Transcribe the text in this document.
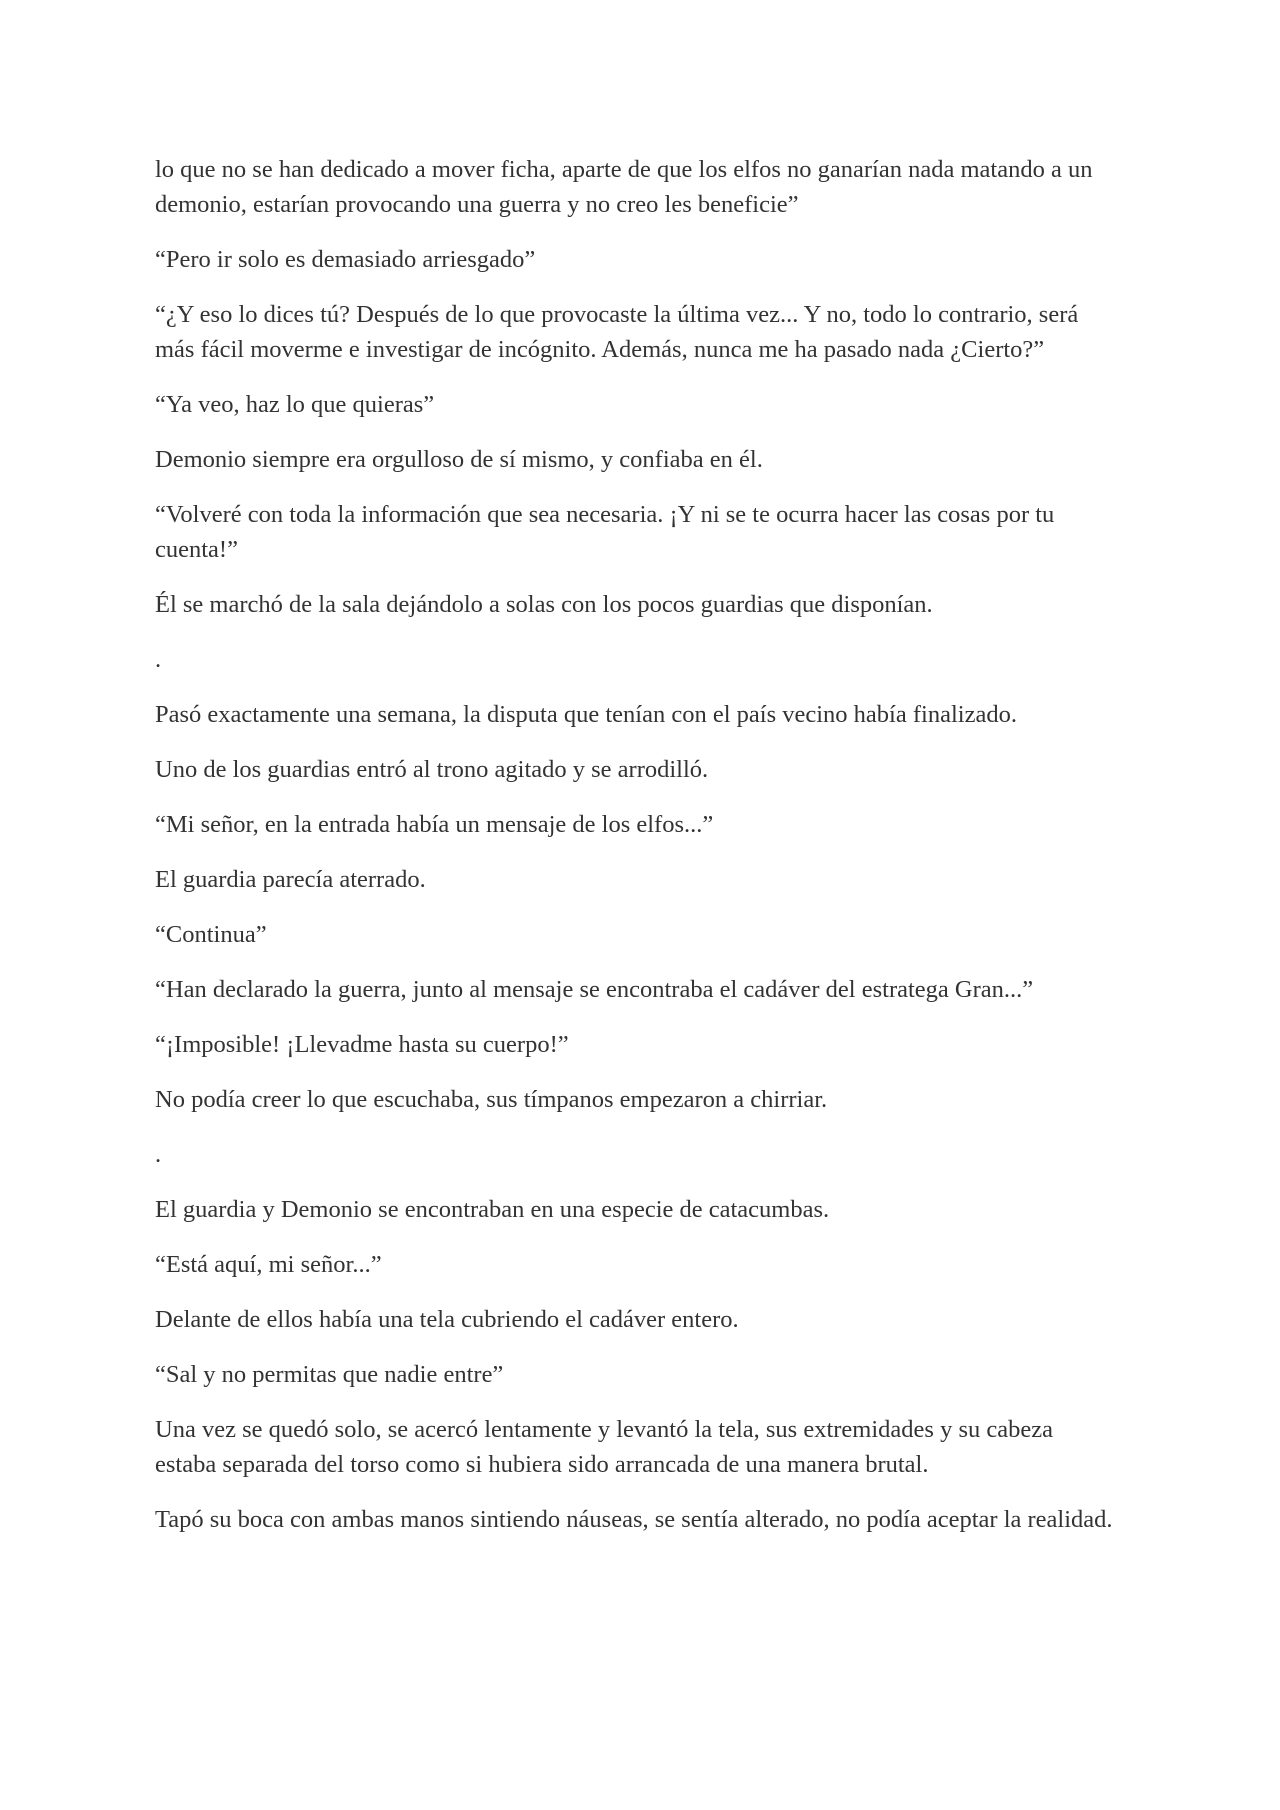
lo que no se han dedicado a mover ficha, aparte de que los elfos no ganarían nada matando a un demonio, estarían provocando una guerra y no creo les beneficie”

“Pero ir solo es demasiado arriesgado”

“¿Y eso lo dices tú? Después de lo que provocaste la última vez... Y no, todo lo contrario, será más fácil moverme e investigar de incógnito. Además, nunca me ha pasado nada ¿Cierto?”

“Ya veo, haz lo que quieras”

Demonio siempre era orgulloso de sí mismo, y confiaba en él.

“Volveré con toda la información que sea necesaria. ¡Y ni se te ocurra hacer las cosas por tu cuenta!”

Él se marchó de la sala dejándolo a solas con los pocos guardias que disponían.

.

Pasó exactamente una semana, la disputa que tenían con el país vecino había finalizado.

Uno de los guardias entró al trono agitado y se arrodilló.

“Mi señor, en la entrada había un mensaje de los elfos...”

El guardia parecía aterrado.

“Continua”

“Han declarado la guerra, junto al mensaje se encontraba el cadáver del estratega Gran...”

“¡Imposible! ¡Llevadme hasta su cuerpo!”

No podía creer lo que escuchaba, sus tímpanos empezaron a chirriar.

.

El guardia y Demonio se encontraban en una especie de catacumbas.

“Está aquí, mi señor...”

Delante de ellos había una tela cubriendo el cadáver entero.

“Sal y no permitas que nadie entre”

Una vez se quedó solo, se acercó lentamente y levantó la tela, sus extremidades y su cabeza estaba separada del torso como si hubiera sido arrancada de una manera brutal.

Tapó su boca con ambas manos sintiendo náuseas, se sentía alterado, no podía aceptar la realidad.
